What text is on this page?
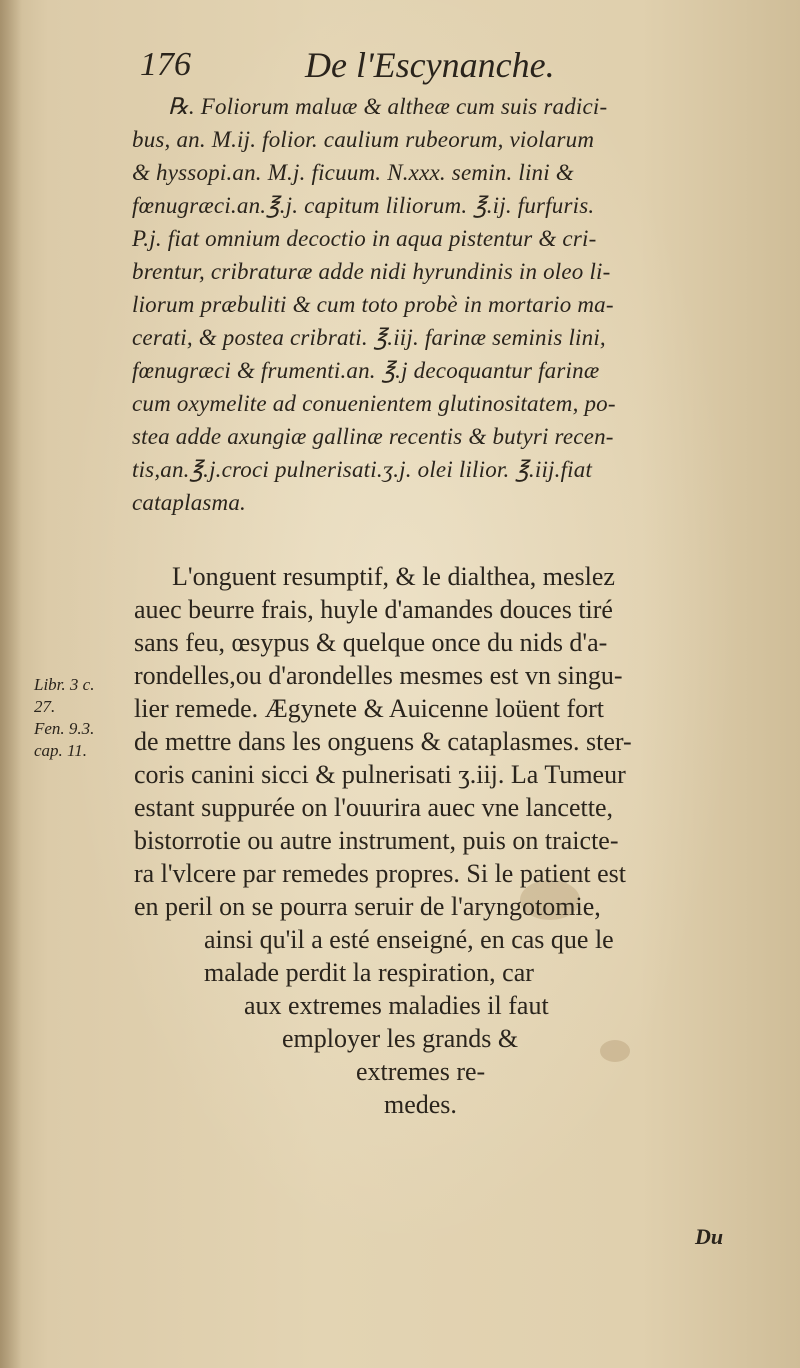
176	De l'Escynanche.
℞. Foliorum maluæ & altheæ cum suis radici-
bus, an. M.ij. folior. caulium rubeorum, violarum
& hyssopi.an. M.j. ficuum. N.xxx. semin. lini &
fœnugræci.an.℥.j. capitum liliorum. ℥.ij. furfuris.
P.j. fiat omnium decoctio in aqua pistentur & cri-
brentur, cribraturæ adde nidi hyrundinis in oleo li-
liorum præbuliti & cum toto probè in mortario ma-
cerati, & postea cribrati. ℥.iij. farinæ seminis lini,
fœnugræci & frumenti.an. ℥.j decoquantur farinæ
cum oxymelite ad conuenientem glutinositatem, po-
stea adde axungiæ gallinæ recentis & butyri recen-
tis,an.℥.j.croci pulnerisati.ʒ.j. olei lilior. ℥.iij.fiat
cataplasma.
Libr. 3 c.
27.
Fen. 9.3.
cap. 11.
L'onguent resumptif, & le dialthea, meslez
auec beurre frais, huyle d'amandes douces tiré
sans feu, œsypus & quelque once du nids d'a-
rondelles,ou d'arondelles mesmes est vn singu-
lier remede. Ægynete & Auicenne loüent fort
de mettre dans les onguens & cataplasmes. ster-
coris canini sicci & pulnerisati ʒ.iij. La Tumeur
estant suppurée on l'ouurira auec vne lancette,
bistorrotie ou autre instrument, puis on traicte-
ra l'vlcere par remedes propres. Si le patient est
en peril on se pourra seruir de l'aryngotomie,
ainsi qu'il a esté enseigné, en cas que le
malade perdit la respiration, car
aux extremes maladies il faut
employer les grands &
extremes re-
medes.
Du
